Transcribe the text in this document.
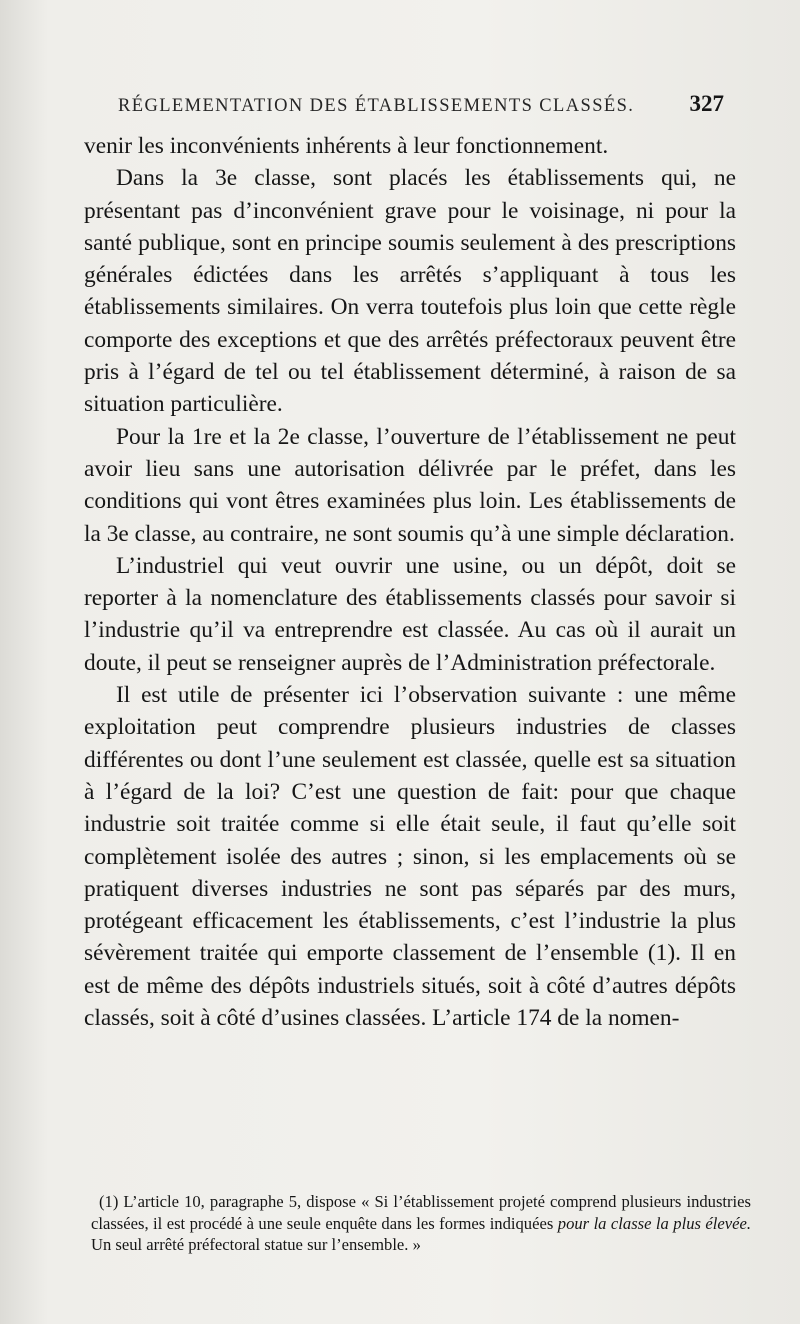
RÉGLEMENTATION DES ÉTABLISSEMENTS CLASSÉS. 327

venir les inconvénients inhérents à leur fonctionnement.

Dans la 3e classe, sont placés les établissements qui, ne présentant pas d’inconvénient grave pour le voisinage, ni pour la santé publique, sont en principe soumis seulement à des prescriptions générales édictées dans les arrêtés s’appliquant à tous les établissements similaires. On verra toutefois plus loin que cette règle comporte des exceptions et que des arrêtés préfectoraux peuvent être pris à l’égard de tel ou tel établissement déterminé, à raison de sa situation particulière.

Pour la 1re et la 2e classe, l’ouverture de l’établissement ne peut avoir lieu sans une autorisation délivrée par le préfet, dans les conditions qui vont êtres examinées plus loin. Les établissements de la 3e classe, au contraire, ne sont soumis qu’à une simple déclaration.

L’industriel qui veut ouvrir une usine, ou un dépôt, doit se reporter à la nomenclature des établissements classés pour savoir si l’industrie qu’il va entreprendre est classée. Au cas où il aurait un doute, il peut se renseigner auprès de l’Administration préfectorale.

Il est utile de présenter ici l’observation suivante : une même exploitation peut comprendre plusieurs industries de classes différentes ou dont l’une seulement est classée, quelle est sa situation à l’égard de la loi? C’est une question de fait: pour que chaque industrie soit traitée comme si elle était seule, il faut qu’elle soit complètement isolée des autres ; sinon, si les emplacements où se pratiquent diverses industries ne sont pas séparés par des murs, protégeant efficacement les établissements, c’est l’industrie la plus sévèrement traitée qui emporte classement de l’ensemble (1). Il en est de même des dépôts industriels situés, soit à côté d’autres dépôts classés, soit à côté d’usines classées. L’article 174 de la nomen-

(1) L’article 10, paragraphe 5, dispose « Si l’établissement projeté comprend plusieurs industries classées, il est procédé à une seule enquête dans les formes indiquées pour la classe la plus élevée. Un seul arrêté préfectoral statue sur l’ensemble. »
